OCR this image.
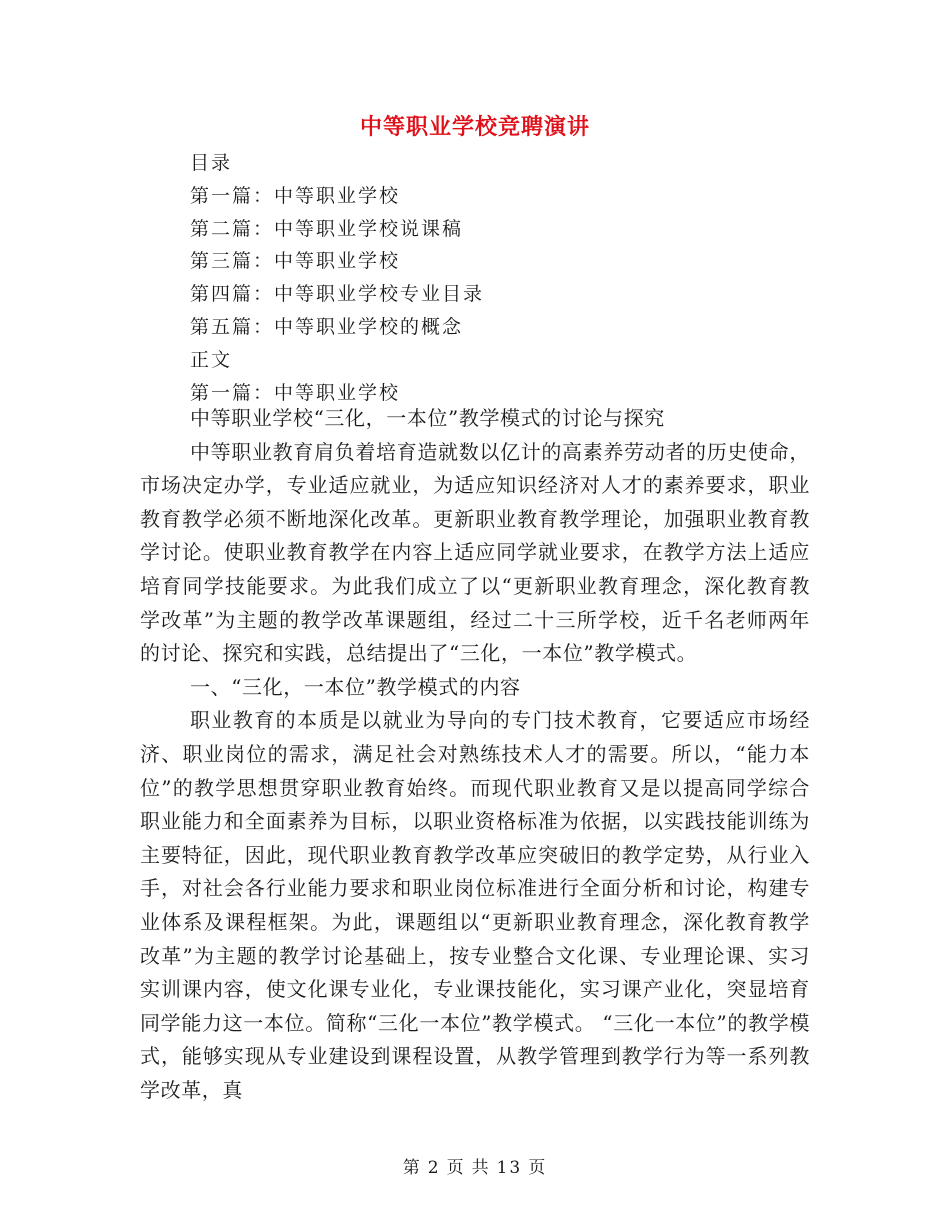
中等职业学校竞聘演讲
目录
第一篇：中等职业学校
第二篇：中等职业学校说课稿
第三篇：中等职业学校
第四篇：中等职业学校专业目录
第五篇：中等职业学校的概念
正文
第一篇：中等职业学校

中等职业学校“三化，一本位”教学模式的讨论与探究

中等职业教育肩负着培育造就数以亿计的高素养劳动者的历史使命，市场决定办学，专业适应就业，为适应知识经济对人才的素养要求，职业教育教学必须不断地深化改革。更新职业教育教学理论，加强职业教育教学讨论。使职业教育教学在内容上适应同学就业要求，在教学方法上适应培育同学技能要求。为此我们成立了以“更新职业教育理念，深化教育教学改革”为主题的教学改革课题组，经过二十三所学校，近千名老师两年的讨论、探究和实践，总结提出了“三化，一本位”教学模式。

一、“三化，一本位”教学模式的内容

职业教育的本质是以就业为导向的专门技术教育，它要适应市场经济、职业岗位的需求，满足社会对熟练技术人才的需要。所以，“能力本位”的教学思想贯穿职业教育始终。而现代职业教育又是以提高同学综合职业能力和全面素养为目标，以职业资格标准为依据，以实践技能训练为主要特征，因此，现代职业教育教学改革应突破旧的教学定势，从行业入手，对社会各行业能力要求和职业岗位标准进行全面分析和讨论，构建专业体系及课程框架。为此，课题组以“更新职业教育理念，深化教育教学改革”为主题的教学讨论基础上，按专业整合文化课、专业理论课、实习实训课内容，使文化课专业化，专业课技能化，实习课产业化，突显培育同学能力这一本位。简称“三化一本位”教学模式。 “三化一本位”的教学模式，能够实现从专业建设到课程设置，从教学管理到教学行为等一系列教学改革，真

第 2 页 共 13 页
